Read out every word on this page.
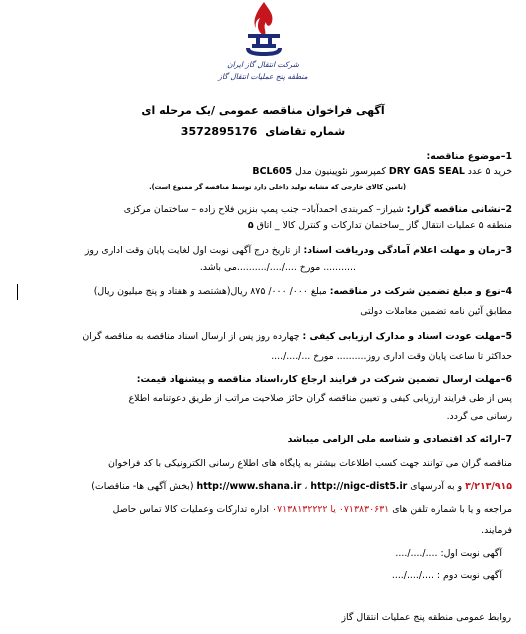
شرکت انتقال گاز ایران
منطقه پنج عملیات انتقال گاز
آگهی فراخوان مناقصه عمومی /یک مرحله ای
شماره تقاضای 3572895176
1–موضوع مناقصه:
خرید ۵ عدد DRY GAS SEAL کمپرسور نئوپینیون مدل BCL605
(تامین کالای خارجی که مشابه تولید داخلی دارد توسط مناقصه گر ممنوع است).
2–نشانی مناقصه گزار: شیراز– کمربندی احمدآباد– جنب پمپ بنزین فلاح زاده – ساختمان مرکزی
منطقه ۵ عملیات انتقال گاز _ساختمان تدارکات و کنترل کالا _ اتاق ۵
3–زمان و مهلت اعلام آمادگی ودریافت اسناد: از تاریخ درج آگهی نوبت اول لغایت پایان وقت اداری روز
........... مورخ ..../..../..........می باشد.
4–نوع و مبلغ تضمین شرکت در مناقصه: مبلغ ۰۰۰/ ۰۰۰/ ۸۷۵ ریال(هشتصد و هفتاد و پنج میلیون ریال)
مطابق آئین نامه تضمین معاملات دولتی
5–مهلت عودت اسناد و مدارک ارزیابی کیفی : چهارده روز پس از ارسال اسناد مناقصه به مناقصه گران
حداکثر تا ساعت پایان وقت اداری روز.......... مورخ .../..../....
6–مهلت ارسال تضمین شرکت در فرایند ارجاع کار،اسناد مناقصه و پیشنهاد قیمت:
پس از طی فرایند ارزیابی کیفی و تعیین مناقصه گران حائز صلاحیت مراتب از طریق دعوتنامه اطلاع
رسانی می گردد.
7–ارائه کد اقتصادی و شناسه ملی الزامی میباشد
مناقصه گران می توانند جهت کسب اطلاعات بیشتر به پایگاه های اطلاع رسانی الکترونیکی با کد فراخوان
۳/۲۱۳/۹۱۵ و به آدرسهای http://www.shana.ir ، http://nigc-dist5.ir (بخش آگهی ها- مناقصات)
مراجعه و یا با شماره تلفن های ۰۷۱۳۸۳۰۶۳۱ یا ۰۷۱۳۸۱۳۲۲۲۲ اداره تدارکات وعملیات کالا تماس حاصل
فرمایند.
آگهی نوبت اول: ..../..../....
آگهی نوبت دوم : ..../..../....
روابط عمومی منطقه پنج عملیات انتقال گاز
